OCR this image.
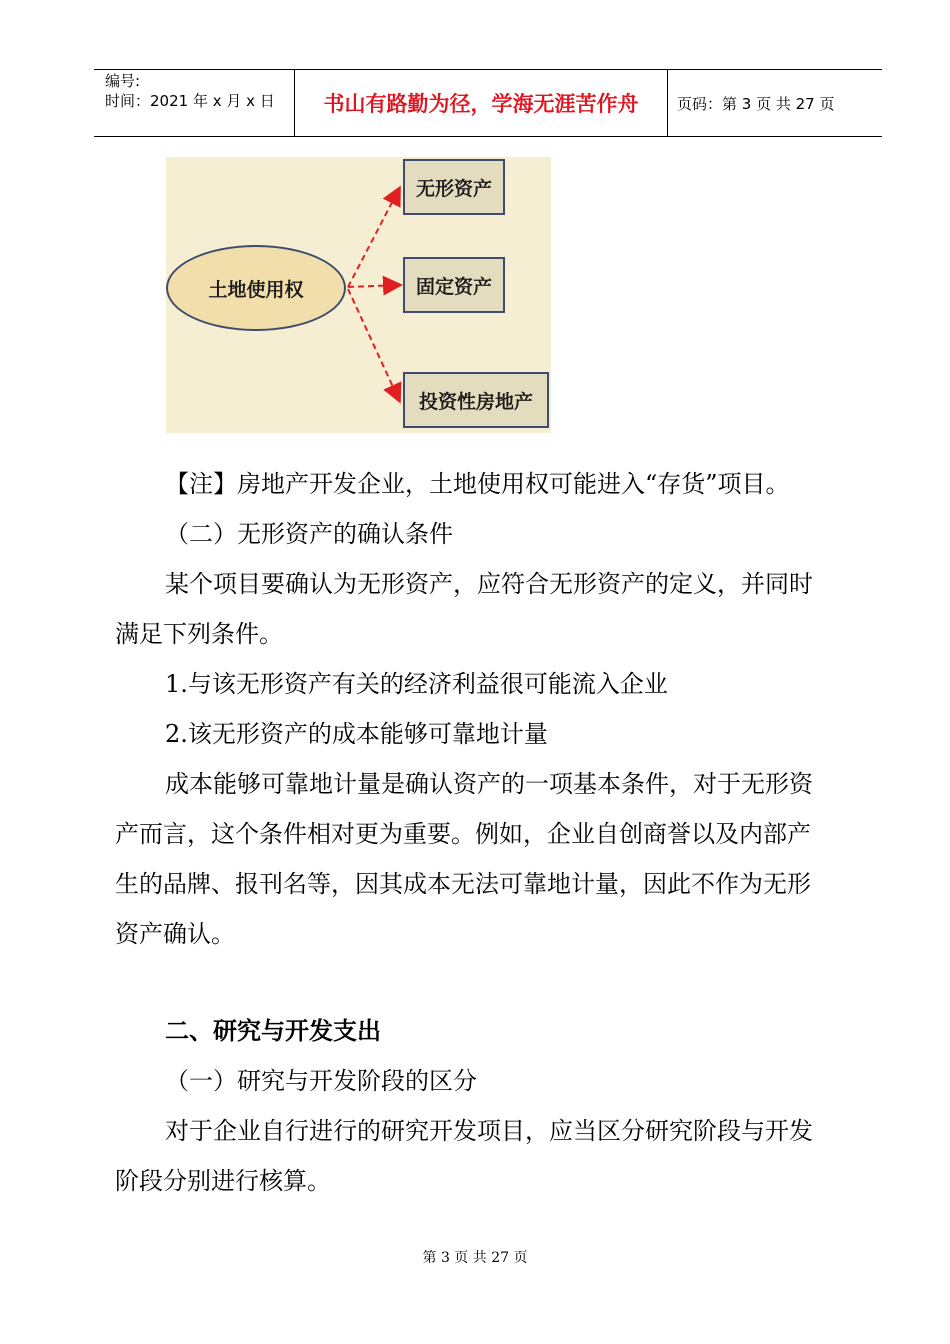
编号:
时间：2021 年 x 月 x 日	书山有路勤为径，学海无涯苦作舟	页码：第 3 页 共 27 页
土地使用权
无形资产
固定资产
投资性房地产

【注】房地产开发企业，土地使用权可能进入“存货”项目。

（二）无形资产的确认条件

某个项目要确认为无形资产，应符合无形资产的定义，并同时

满足下列条件。

1.与该无形资产有关的经济利益很可能流入企业

2.该无形资产的成本能够可靠地计量

成本能够可靠地计量是确认资产的一项基本条件，对于无形资

产而言，这个条件相对更为重要。例如，企业自创商誉以及内部产

生的品牌、报刊名等，因其成本无法可靠地计量，因此不作为无形

资产确认。

二、研究与开发支出

（一）研究与开发阶段的区分

对于企业自行进行的研究开发项目，应当区分研究阶段与开发

阶段分别进行核算。

第 3 页 共 27 页
